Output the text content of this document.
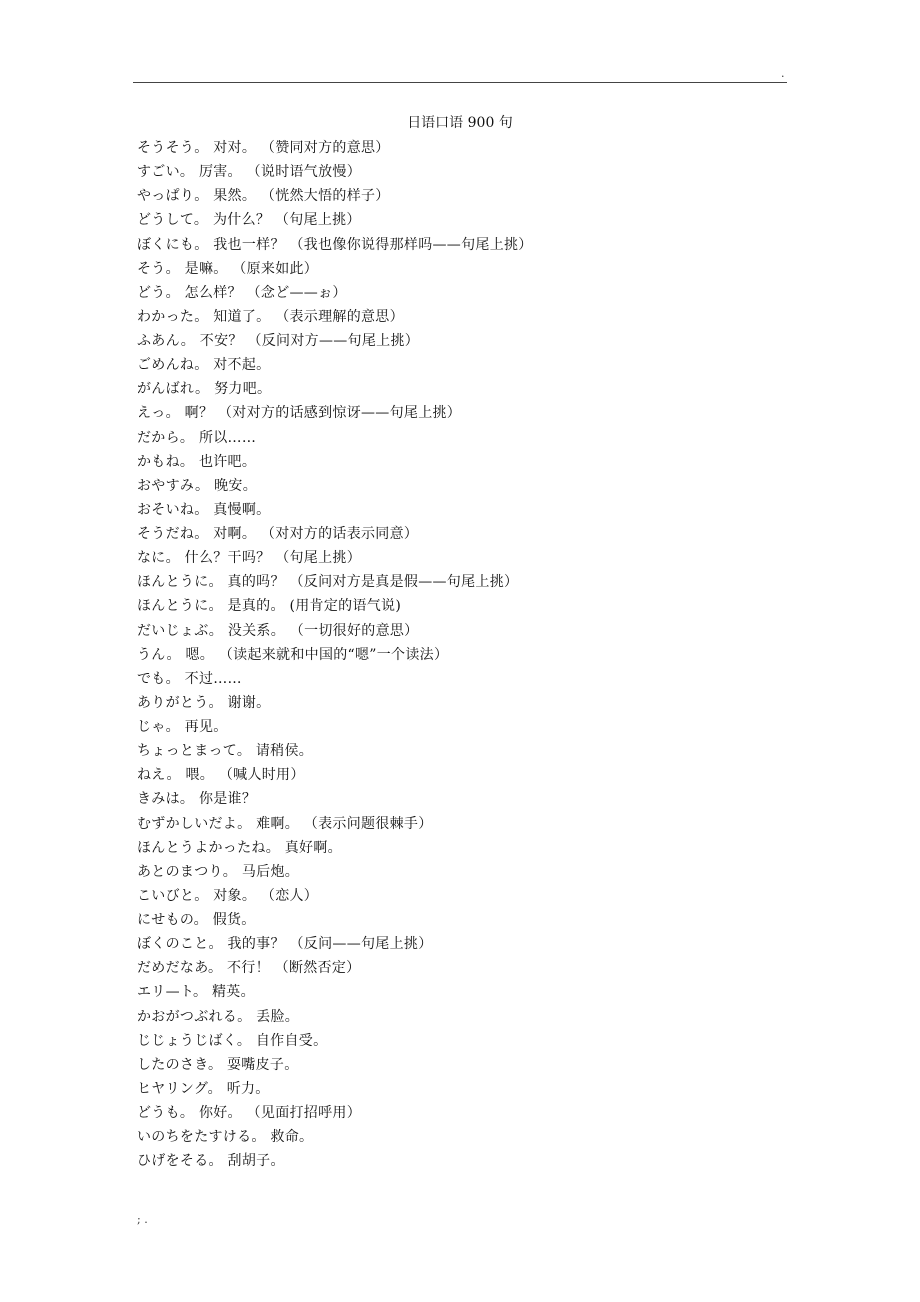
.
日语口语 900 句
そうそう。 对对。 （赞同对方的意思）
すごい。 厉害。 （说时语气放慢）
やっぱり。 果然。 （恍然大悟的样子）
どうして。 为什么？ （句尾上挑）
ぼくにも。 我也一样？ （我也像你说得那样吗——句尾上挑）
そう。 是嘛。 （原来如此）
どう。 怎么样？ （念ど——ぉ）
わかった。 知道了。 （表示理解的意思）
ふあん。 不安？ （反问对方——句尾上挑）
ごめんね。 对不起。
がんばれ。 努力吧。
えっ。 啊？ （对对方的话感到惊讶——句尾上挑）
だから。 所以……
かもね。 也许吧。
おやすみ。 晚安。
おそいね。 真慢啊。
そうだね。 对啊。 （对对方的话表示同意）
なに。 什么？干吗？ （句尾上挑）
ほんとうに。 真的吗？ （反问对方是真是假——句尾上挑）
ほんとうに。 是真的。 (用肯定的语气说)
だいじょぶ。 没关系。 （一切很好的意思）
うん。 嗯。 （读起来就和中国的“嗯”一个读法）
でも。 不过……
ありがとう。 谢谢。
じゃ。 再见。
ちょっとまって。 请稍侯。
ねえ。 喂。 （喊人时用）
きみは。 你是谁？
むずかしいだよ。 难啊。 （表示问题很棘手）
ほんとうよかったね。 真好啊。
あとのまつり。 马后炮。
こいびと。 对象。 （恋人）
にせもの。 假货。
ぼくのこと。 我的事？ （反问——句尾上挑）
だめだなあ。 不行！ （断然否定）
エリ—ト。 精英。
かおがつぶれる。 丢脸。
じじょうじばく。 自作自受。
したのさき。 耍嘴皮子。
ヒヤリング。 听力。
どうも。 你好。 （见面打招呼用）
いのちをたすける。 救命。
ひげをそる。 刮胡子。
; .
